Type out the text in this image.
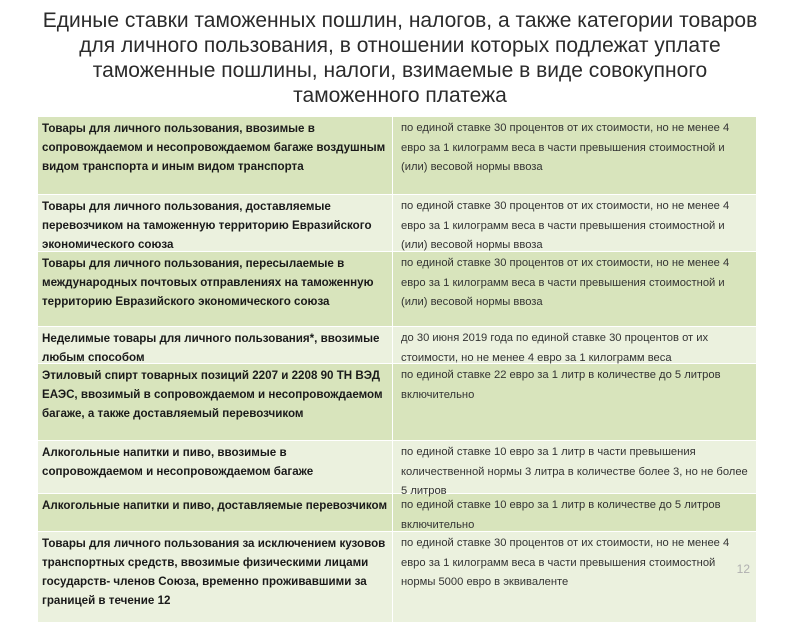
Единые ставки таможенных пошлин, налогов, а также категории товаров для личного пользования, в отношении которых подлежат уплате таможенные пошлины, налоги, взимаемые в виде совокупного таможенного платежа
Товары для личного пользования, ввозимые в сопровождаемом и несопровождаемом багаже воздушным видом транспорта и иным видом транспорта
по единой ставке 30 процентов от их стоимости, но не менее 4 евро за 1 килограмм веса в части превышения стоимостной и (или) весовой нормы ввоза
Товары для личного пользования, доставляемые перевозчиком на таможенную территорию Евразийского экономического союза
по единой ставке 30 процентов от их стоимости, но не менее 4 евро за 1 килограмм веса в части превышения стоимостной и (или) весовой нормы ввоза
Товары для личного пользования, пересылаемые в международных почтовых отправлениях на таможенную территорию Евразийского экономического союза
по единой ставке 30 процентов от их стоимости, но не менее 4 евро за 1 килограмм веса в части превышения стоимостной и (или) весовой нормы ввоза
Неделимые товары для личного пользования*, ввозимые любым способом
до 30 июня 2019 года по единой ставке 30 процентов от их стоимости, но не менее 4 евро за 1 килограмм веса
Этиловый спирт товарных позиций 2207 и 2208 90 ТН ВЭД ЕАЭС, ввозимый в сопровождаемом и несопровождаемом багаже, а также доставляемый перевозчиком
по единой ставке 22 евро за 1 литр в количестве до 5 литров включительно
Алкогольные напитки и пиво, ввозимые в сопровождаемом и несопровождаемом багаже
по единой ставке 10 евро за 1 литр в части превышения количественной нормы 3 литра в количестве более 3, но не более 5 литров
Алкогольные напитки и пиво, доставляемые перевозчиком	по единой ставке 10 евро за 1 литр в количестве до 5 литров включительно
Товары для личного пользования за исключением кузовов транспортных средств, ввозимые физическими лицами государств- членов Союза, временно проживавшими за границей в течение 12
по единой ставке 30 процентов от их стоимости, но не менее 4 евро за 1 килограмм веса в части превышения стоимостной нормы 5000 евро в эквиваленте
12
